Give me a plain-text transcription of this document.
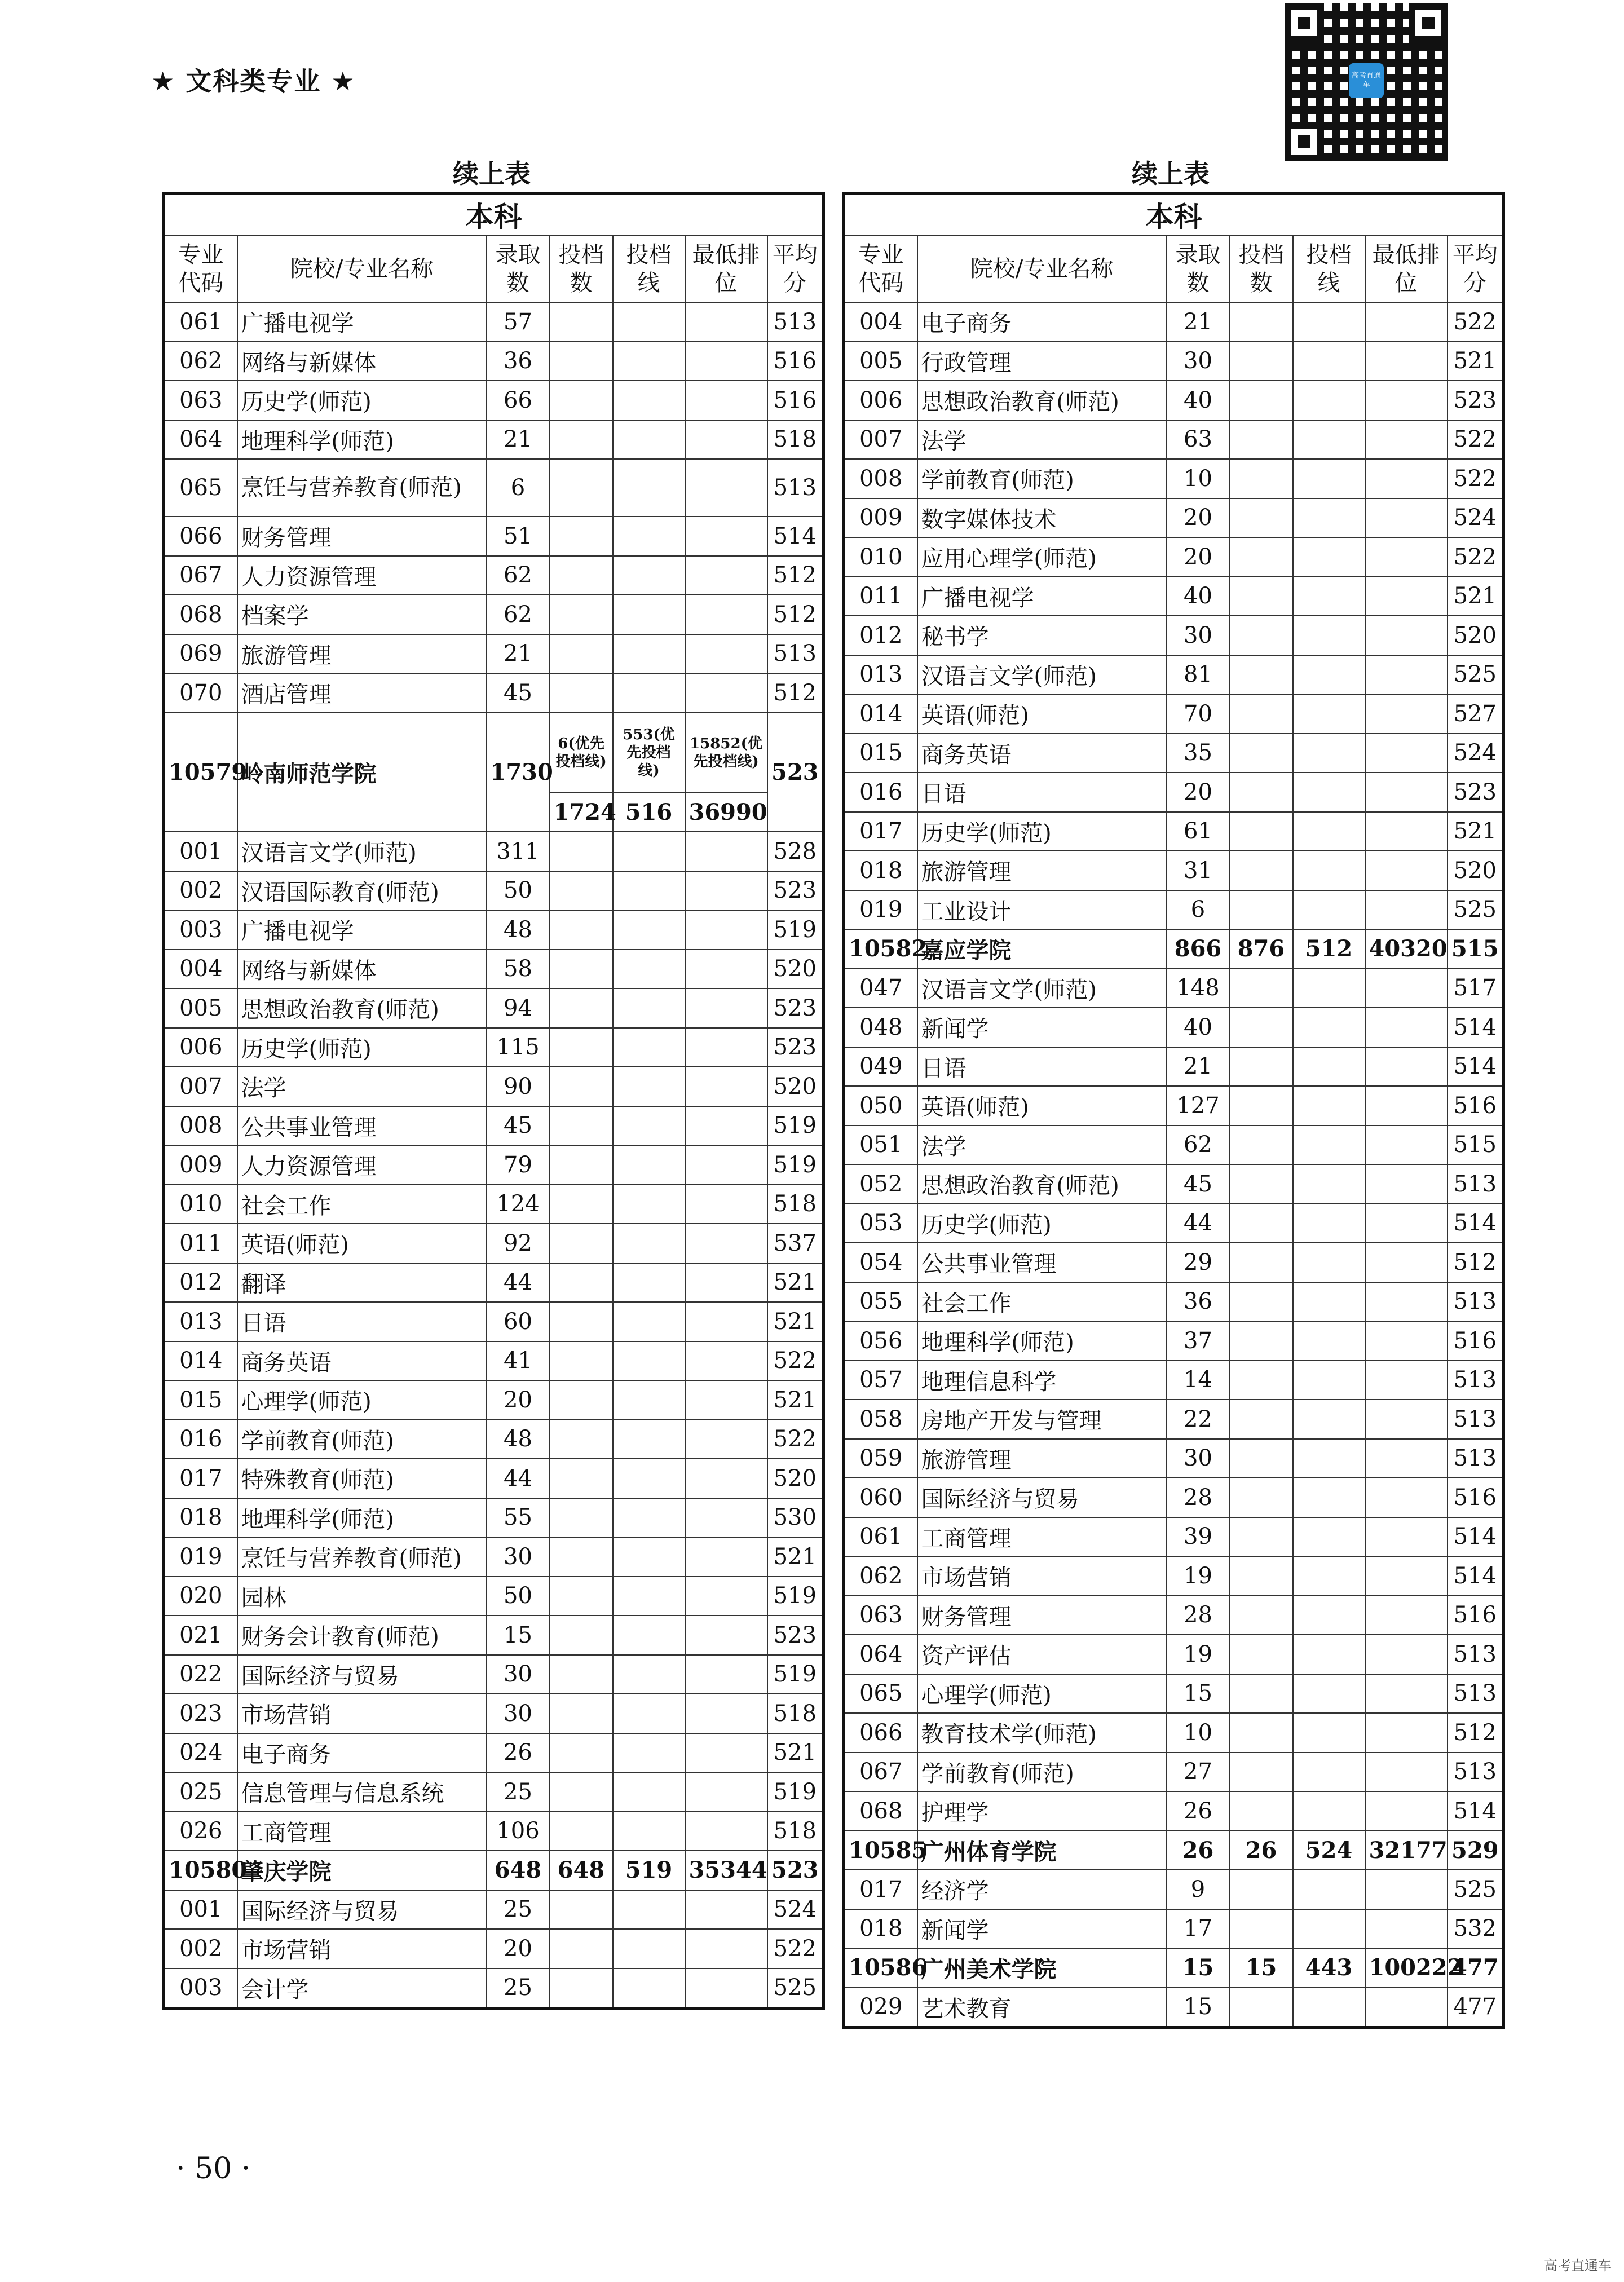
★ 文科类专业 ★	高考直通车
续上表	续上表
本科						
专业代码	院校/专业名称	录取数	投档数	投档线	最低排位	平均分
061	广播电视学	57				513
062	网络与新媒体	36				516
063	历史学(师范)	66				516
064	地理科学(师范)	21				518
065	烹饪与营养教育(师范)	6				513
066	财务管理	51				514
067	人力资源管理	62				512
068	档案学	62				512
069	旅游管理	21				513
070	酒店管理	45				512
10579	岭南师范学院	1730	6(优先投档线)	553(优先投档线)	15852(优先投档线)	523
			1724	516	36990	
001	汉语言文学(师范)	311				528
002	汉语国际教育(师范)	50				523
003	广播电视学	48				519
004	网络与新媒体	58				520
005	思想政治教育(师范)	94				523
006	历史学(师范)	115				523
007	法学	90				520
008	公共事业管理	45				519
009	人力资源管理	79				519
010	社会工作	124				518
011	英语(师范)	92				537
012	翻译	44				521
013	日语	60				521
014	商务英语	41				522
015	心理学(师范)	20				521
016	学前教育(师范)	48				522
017	特殊教育(师范)	44				520
018	地理科学(师范)	55				530
019	烹饪与营养教育(师范)	30				521
020	园林	50				519
021	财务会计教育(师范)	15				523
022	国际经济与贸易	30				519
023	市场营销	30				518
024	电子商务	26				521
025	信息管理与信息系统	25				519
026	工商管理	106				518
10580	肇庆学院	648	648	519	35344	523
001	国际经济与贸易	25				524
002	市场营销	20				522
003	会计学	25				525
本科						
专业代码	院校/专业名称	录取数	投档数	投档线	最低排位	平均分
004	电子商务	21				522
005	行政管理	30				521
006	思想政治教育(师范)	40				523
007	法学	63				522
008	学前教育(师范)	10				522
009	数字媒体技术	20				524
010	应用心理学(师范)	20				522
011	广播电视学	40				521
012	秘书学	30				520
013	汉语言文学(师范)	81				525
014	英语(师范)	70				527
015	商务英语	35				524
016	日语	20				523
017	历史学(师范)	61				521
018	旅游管理	31				520
019	工业设计	6				525
10582	嘉应学院	866	876	512	40320	515
047	汉语言文学(师范)	148				517
048	新闻学	40				514
049	日语	21				514
050	英语(师范)	127				516
051	法学	62				515
052	思想政治教育(师范)	45				513
053	历史学(师范)	44				514
054	公共事业管理	29				512
055	社会工作	36				513
056	地理科学(师范)	37				516
057	地理信息科学	14				513
058	房地产开发与管理	22				513
059	旅游管理	30				513
060	国际经济与贸易	28				516
061	工商管理	39				514
062	市场营销	19				514
063	财务管理	28				516
064	资产评估	19				513
065	心理学(师范)	15				513
066	教育技术学(师范)	10				512
067	学前教育(师范)	27				513
068	护理学	26				514
10585	广州体育学院	26	26	524	32177	529
017	经济学	9				525
018	新闻学	17				532
10586	广州美术学院	15	15	443	100222	477
029	艺术教育	15				477
· 50 ·
高考直通车
